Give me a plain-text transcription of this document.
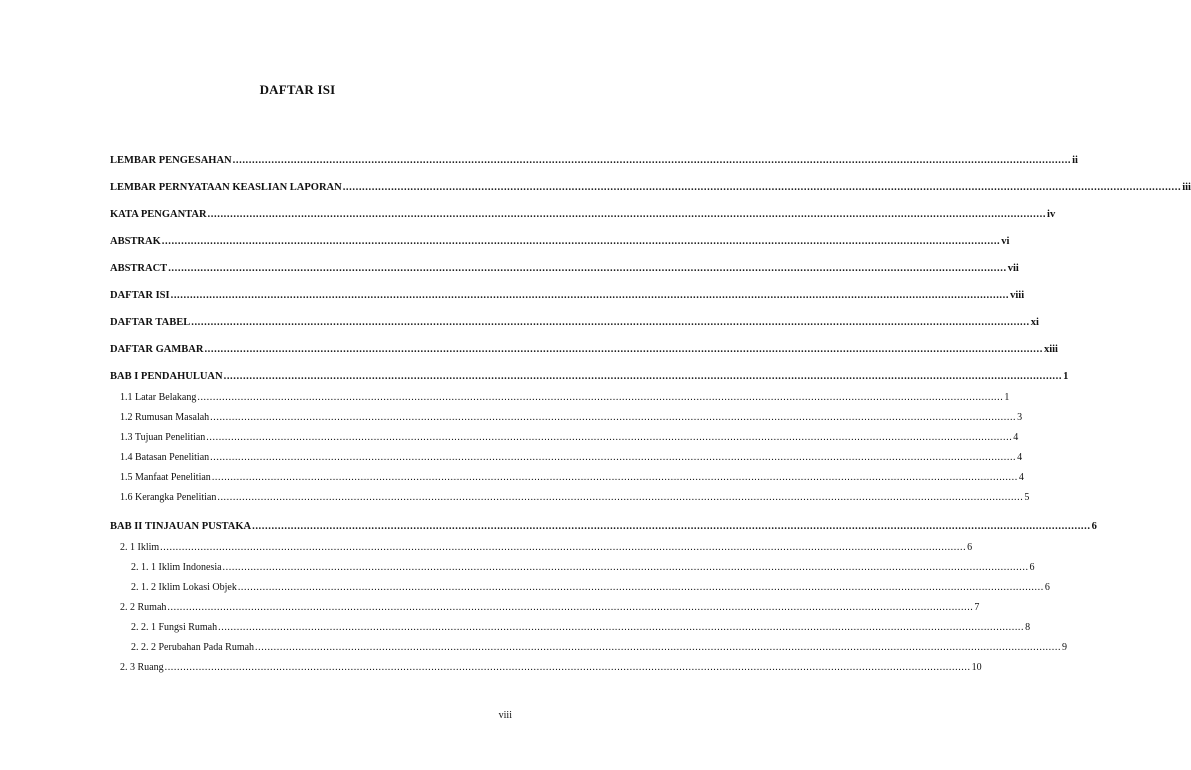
DAFTAR ISI
LEMBAR PENGESAHAN .................................................................................................................................................................................................................................................................... ii
LEMBAR PERNYATAAN KEASLIAN LAPORAN .................................................................................................................................................................................................................................................................... iii
KATA PENGANTAR .................................................................................................................................................................................................................................................................... iv
ABSTRAK .................................................................................................................................................................................................................................................................... vi
ABSTRACT .................................................................................................................................................................................................................................................................... vii
DAFTAR ISI .................................................................................................................................................................................................................................................................... viii
DAFTAR TABEL .................................................................................................................................................................................................................................................................... xi
DAFTAR GAMBAR .................................................................................................................................................................................................................................................................... xiii
BAB I PENDAHULUAN .................................................................................................................................................................................................................................................................... 1
1.1 Latar Belakang .................................................................................................................................................................................................................................................................... 1
1.2 Rumusan Masalah .................................................................................................................................................................................................................................................................... 3
1.3 Tujuan Penelitian .................................................................................................................................................................................................................................................................... 4
1.4 Batasan Penelitian .................................................................................................................................................................................................................................................................... 4
1.5 Manfaat Penelitian .................................................................................................................................................................................................................................................................... 4
1.6 Kerangka Penelitian .................................................................................................................................................................................................................................................................... 5
BAB II TINJAUAN PUSTAKA .................................................................................................................................................................................................................................................................... 6
2. 1 Iklim .................................................................................................................................................................................................................................................................... 6
2. 1. 1 Iklim Indonesia .................................................................................................................................................................................................................................................................... 6
2. 1. 2 Iklim Lokasi Objek .................................................................................................................................................................................................................................................................... 6
2. 2 Rumah .................................................................................................................................................................................................................................................................... 7
2. 2. 1 Fungsi Rumah .................................................................................................................................................................................................................................................................... 8
2. 2. 2 Perubahan Pada Rumah .................................................................................................................................................................................................................................................................... 9
2. 3 Ruang .................................................................................................................................................................................................................................................................... 10
viii
